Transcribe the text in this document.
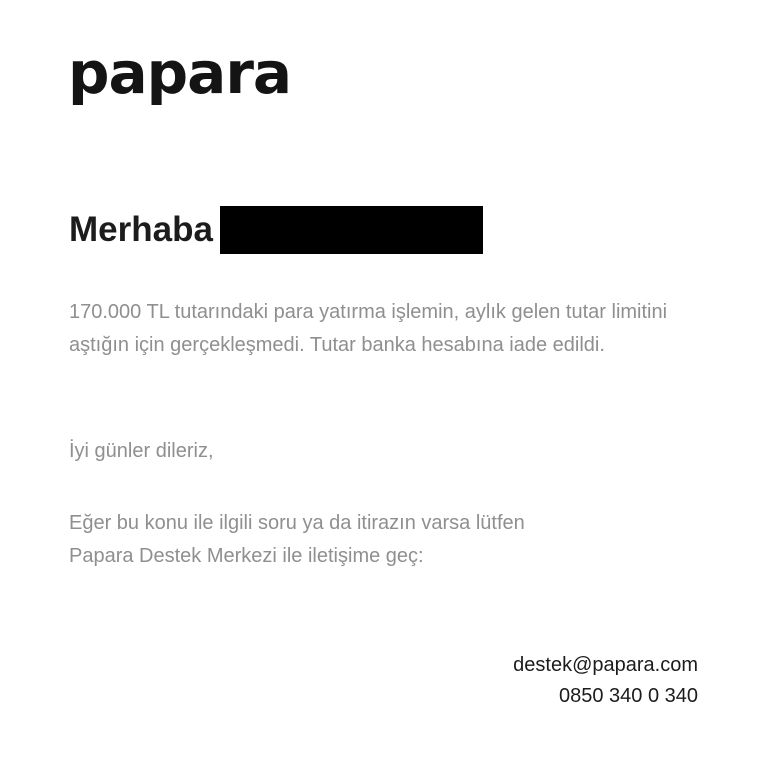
papara
Merhaba
170.000 TL tutarındaki para yatırma işlemin, aylık gelen tutar limitini aştığın için gerçekleşmedi. Tutar banka hesabına iade edildi.
İyi günler dileriz,
Eğer bu konu ile ilgili soru ya da itirazın varsa lütfen
Papara Destek Merkezi ile iletişime geç:
destek@papara.com
0850 340 0 340
